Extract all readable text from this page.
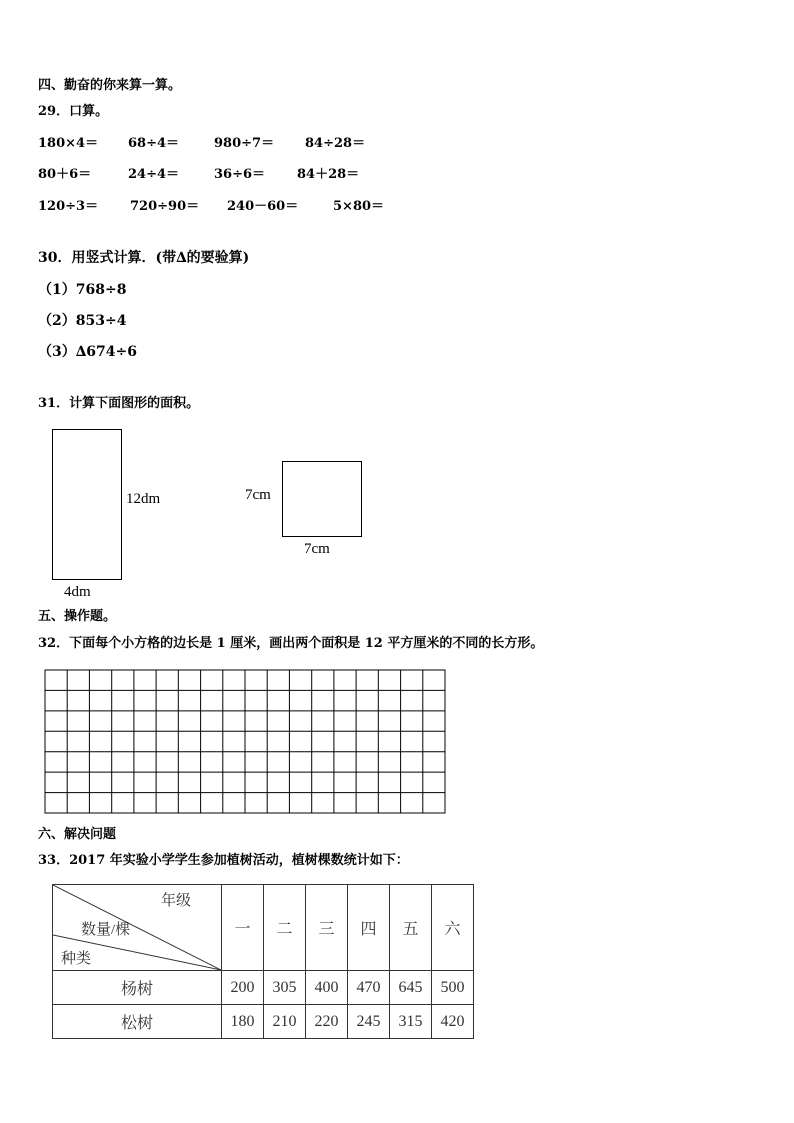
四、勤奋的你来算一算。
29．口算。
180×4＝ 68÷4＝	980÷7＝ 84÷28＝
80＋6＝	24÷4＝	36÷6＝ 84＋28＝
120÷3＝ 720÷90＝ 240－60＝	5×80＝
30．用竖式计算．(带∆的要验算)
（1）768÷8
（2）853÷4
（3）∆674÷6
31．计算下面图形的面积。
12dm
4dm
7cm
7cm
五、操作题。
32．下面每个小方格的边长是 1 厘米，画出两个面积是 12 平方厘米的不同的长方形。
六、解决问题
33．2017 年实验小学学生参加植树活动，植树棵数统计如下：
年级
数量/棵
种类	一	二	三	四	五	六
杨树	200	305	400	470	645	500
松树	180	210	220	245	315	420
